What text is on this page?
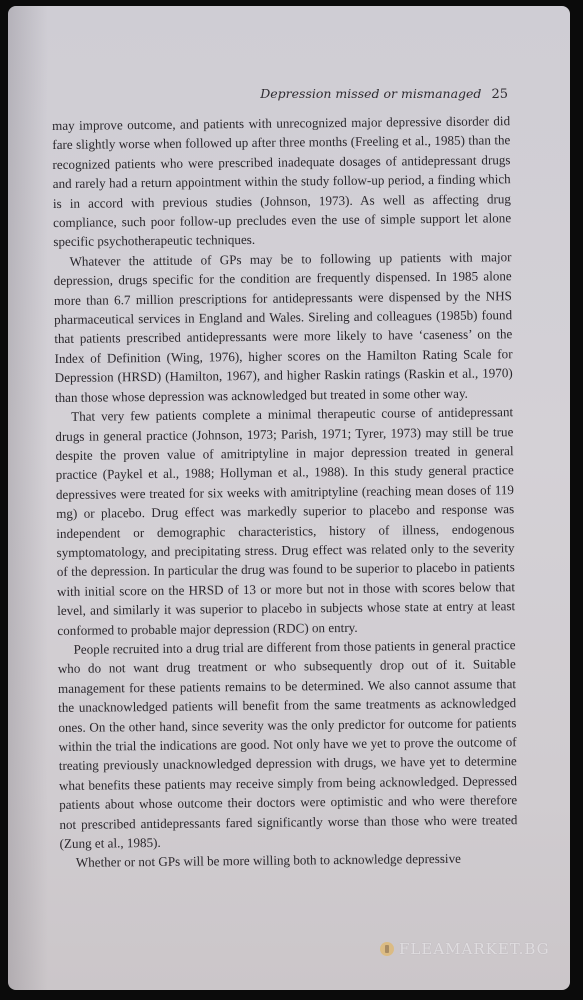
Depression missed or mismanaged 25

may improve outcome, and patients with unrecognized major depressive disorder did fare slightly worse when followed up after three months (Freeling et al., 1985) than the recognized patients who were prescribed inadequate dosages of antidepressant drugs and rarely had a return appointment within the study follow-up period, a finding which is in accord with previous studies (Johnson, 1973). As well as affecting drug compliance, such poor follow-up precludes even the use of simple support let alone specific psychotherapeutic techniques.

Whatever the attitude of GPs may be to following up patients with major depression, drugs specific for the condition are frequently dispensed. In 1985 alone more than 6.7 million prescriptions for antidepressants were dispensed by the NHS pharmaceutical services in England and Wales. Sireling and colleagues (1985b) found that patients prescribed antidepressants were more likely to have ‘caseness’ on the Index of Definition (Wing, 1976), higher scores on the Hamilton Rating Scale for Depression (HRSD) (Hamilton, 1967), and higher Raskin ratings (Raskin et al., 1970) than those whose depression was acknowledged but treated in some other way.

That very few patients complete a minimal therapeutic course of antidepressant drugs in general practice (Johnson, 1973; Parish, 1971; Tyrer, 1973) may still be true despite the proven value of amitriptyline in major depression treated in general practice (Paykel et al., 1988; Hollyman et al., 1988). In this study general practice depressives were treated for six weeks with amitriptyline (reaching mean doses of 119 mg) or placebo. Drug effect was markedly superior to placebo and response was independent or demographic characteristics, history of illness, endogenous symptomatology, and precipitating stress. Drug effect was related only to the severity of the depression. In particular the drug was found to be superior to placebo in patients with initial score on the HRSD of 13 or more but not in those with scores below that level, and similarly it was superior to placebo in subjects whose state at entry at least conformed to probable major depression (RDC) on entry.

People recruited into a drug trial are different from those patients in general practice who do not want drug treatment or who subsequently drop out of it. Suitable management for these patients remains to be determined. We also cannot assume that the unacknowledged patients will benefit from the same treatments as acknowledged ones. On the other hand, since severity was the only predictor for outcome for patients within the trial the indications are good. Not only have we yet to prove the outcome of treating previously unacknowledged depression with drugs, we have yet to determine what benefits these patients may receive simply from being acknowledged. Depressed patients about whose outcome their doctors were optimistic and who were therefore not prescribed antidepressants fared significantly worse than those who were treated (Zung et al., 1985).

Whether or not GPs will be more willing both to acknowledge depressive

FLEAMARKET.BG
